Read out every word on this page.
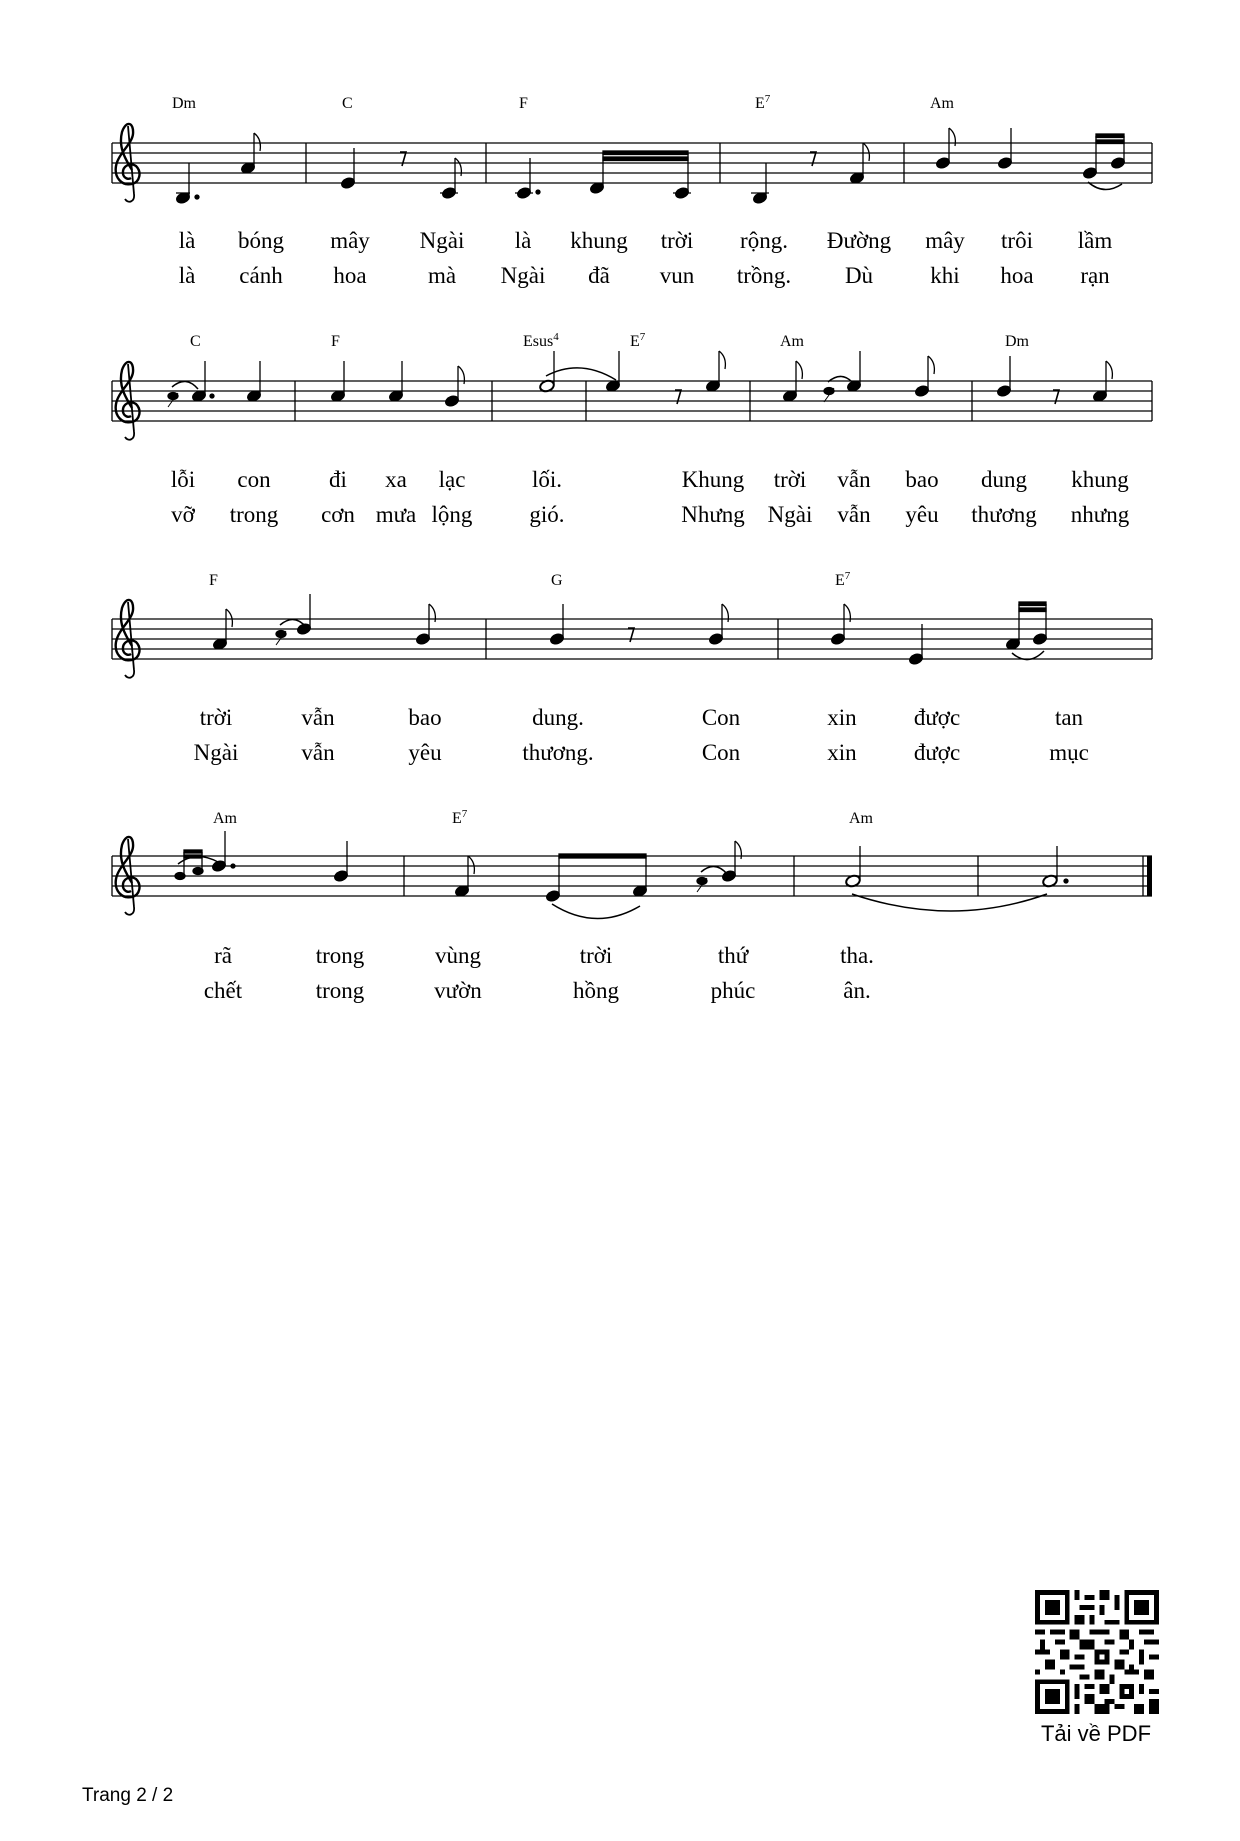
Dm	C	F	$E^7$	Am
là bóng mây Ngài là khung trời rộng. Đường mây trôi lầm
là cánh hoa	mà Ngài đã vun trồng. Dù khi hoa rạn
C	F	Esus$^4$	$E^7$	Am	Dm
lỗi con	đi xa lạc	lối.	Khung trời vẫn bao dung khung
vỡ trong cơn mưa lộng gió.	Nhưng Ngài vẫn yêu thương nhưng
F	G	$E^7$
trời	vẫn	bao	dung.	Con	xin được	tan
Ngài	vẫn	yêu	thương.	Con	xin được	mục
Am	$E^7$	Am
rã	trong	vùng	trời	thứ	tha.
chết	trong	vườn	hồng	phúc	ân.
Tải về PDF
Trang 2 / 2
